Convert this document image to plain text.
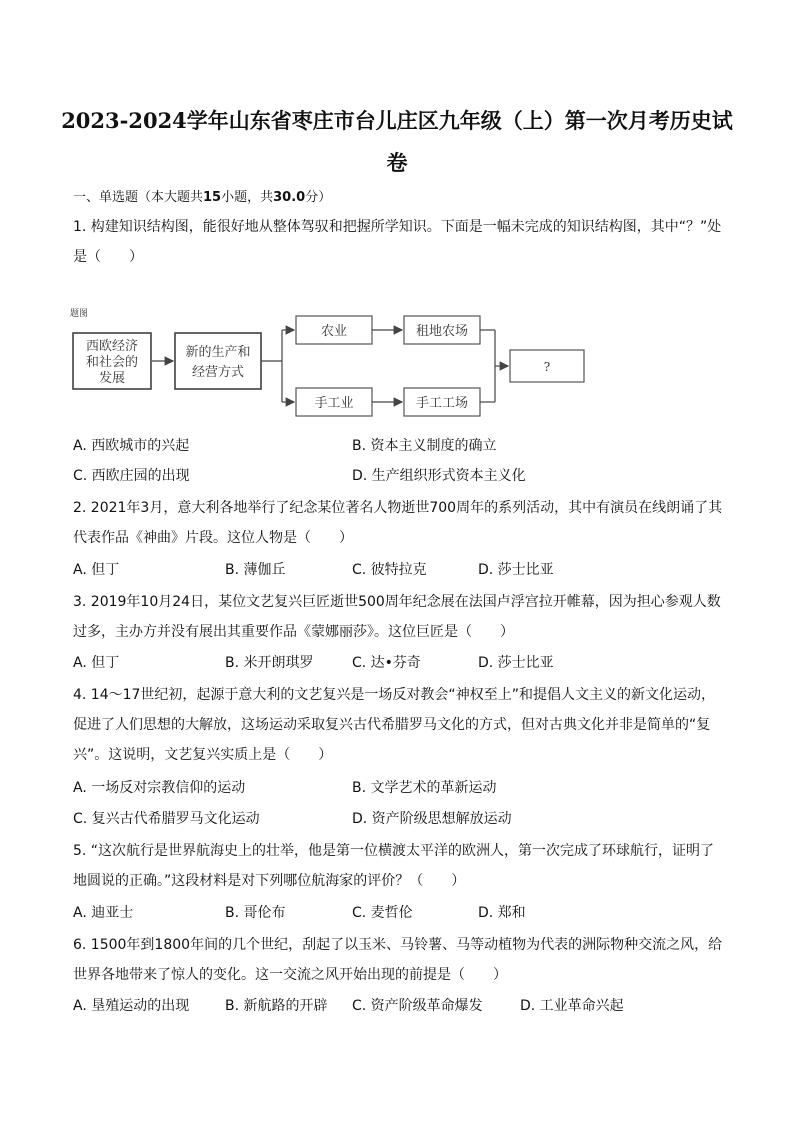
2023-2024学年山东省枣庄市台儿庄区九年级（上）第一次月考历史试卷
一、单选题（本大题共15小题，共30.0分）
1. 构建知识结构图，能很好地从整体驾驭和把握所学知识。下面是一幅未完成的知识结构图，其中“？”处是（　　）
题图
西欧经济
和社会的
发展
新的生产和
经营方式
农业	租地农场
手工业	手工工场
?
A. 西欧城市的兴起	B. 资本主义制度的确立
C. 西欧庄园的出现	D. 生产组织形式资本主义化
2. 2021年3月，意大利各地举行了纪念某位著名人物逝世700周年的系列活动，其中有演员在线朗诵了其代表作品《神曲》片段。这位人物是（　　）
A. 但丁	B. 薄伽丘	C. 彼特拉克	D. 莎士比亚
3. 2019年10月24日，某位文艺复兴巨匠逝世500周年纪念展在法国卢浮宫拉开帷幕，因为担心参观人数过多，主办方并没有展出其重要作品《蒙娜丽莎》。这位巨匠是（　　）
A. 但丁	B. 米开朗琪罗	C. 达•芬奇	D. 莎士比亚
4. 14～17世纪初，起源于意大利的文艺复兴是一场反对教会“神权至上”和提倡人文主义的新文化运动，促进了人们思想的大解放，这场运动采取复兴古代希腊罗马文化的方式，但对古典文化并非是简单的“复兴”。这说明，文艺复兴实质上是（　　）
A. 一场反对宗教信仰的运动	B. 文学艺术的革新运动
C. 复兴古代希腊罗马文化运动	D. 资产阶级思想解放运动
5. “这次航行是世界航海史上的壮举，他是第一位横渡太平洋的欧洲人，第一次完成了环球航行，证明了地圆说的正确。”这段材料是对下列哪位航海家的评价？（　　）
A. 迪亚士	B. 哥伦布	C. 麦哲伦	D. 郑和
6. 1500年到1800年间的几个世纪，刮起了以玉米、马铃薯、马等动植物为代表的洲际物种交流之风，给世界各地带来了惊人的变化。这一交流之风开始出现的前提是（　　）
A. 垦殖运动的出现	B. 新航路的开辟 C. 资产阶级革命爆发	D. 工业革命兴起
